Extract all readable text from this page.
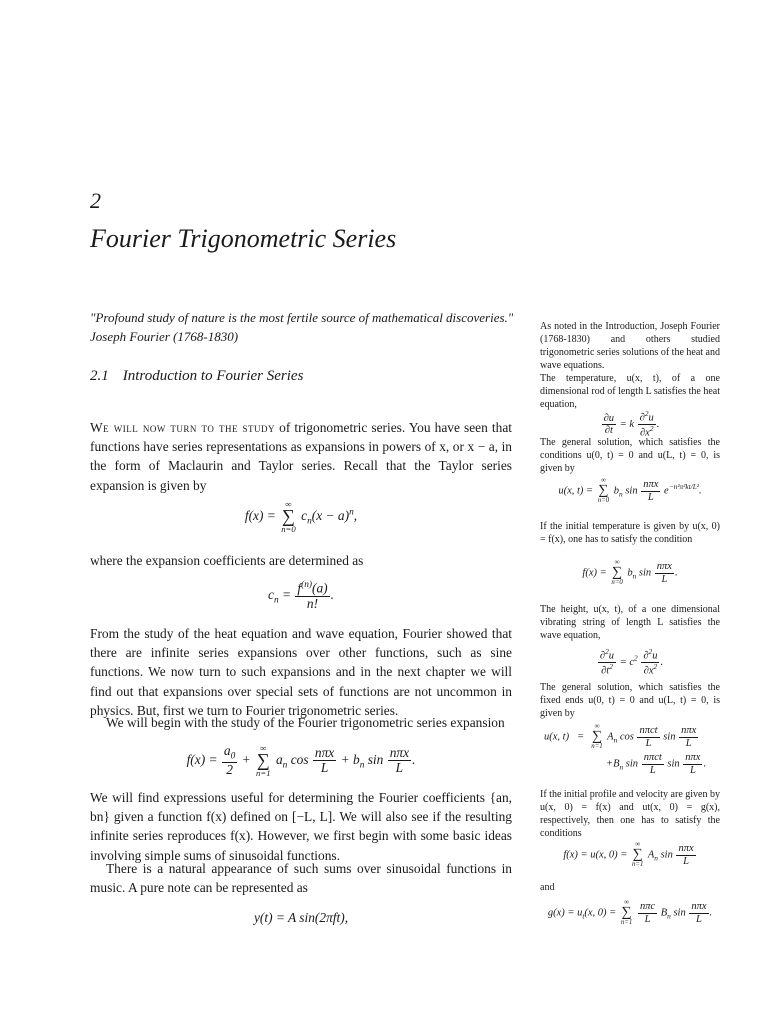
2
Fourier Trigonometric Series
"Profound study of nature is the most fertile source of mathematical discoveries."
Joseph Fourier (1768-1830)
2.1 Introduction to Fourier Series

We will now turn to the study of trigonometric series. You have seen that functions have series representations as expansions in powers of x, or x − a, in the form of Maclaurin and Taylor series. Recall that the Taylor series expansion is given by

f(x) =
∞
∑
n=0
$c_n(x - a)^n$,

where the expansion coefficients are determined as

$c_n = \frac{f^{(n)}(a)}{n!}$ .

From the study of the heat equation and wave equation, Fourier showed that there are infinite series expansions over other functions, such as sine functions. We now turn to such expansions and in the next chapter we will find out that expansions over special sets of functions are not uncommon in physics. But, first we turn to Fourier trigonometric series.

We will begin with the study of the Fourier trigonometric series expansion

$f(x) = \frac{a_0}{2}$ +
∞
∑
n=1
$a_n$ $\cos \frac{\text{nπx}}{L} + b_n$ $\sin \frac{\text{nπx}}{L}$ .

We will find expressions useful for determining the Fourier coefficients {an, bn} given a function f(x) defined on [−L, L]. We will also see if the resulting infinite series reproduces f(x). However, we first begin with some basic ideas involving simple sums of sinusoidal functions.

There is a natural appearance of such sums over sinusoidal functions in music. A pure note can be represented as

y(t) = A sin(2πft),

As noted in the Introduction, Joseph Fourier (1768-1830) and others studied trigonometric series solutions of the heat and wave equations.

The temperature, u(x, t), of a one dimensional rod of length L satisfies the heat equation,

$\frac{\partial u}{\partial t} = k \frac{\partial^2u}{\partial x^2}$ .

The general solution, which satisfies the conditions u(0, t) = 0 and u(L, t) = 0, is given by

u(x, t) =
∞
∑
n=0
$b_n$ $\sin \frac{\text{nπx}}{L} e^{-n^2\pi^2kt/L^2}$.

If the initial temperature is given by u(x, 0) = f(x), one has to satisfy the condition

f(x) =
∞
∑
n=0
$b_n$ $\sin \frac{\text{nπx}}{L}$ .

The height, u(x, t), of a one dimensional vibrating string of length L satisfies the wave equation,

$\frac{\partial^2u}{\partial t^2} = c^2 \frac{\partial^2u}{\partial x^2}$ .

The general solution, which satisfies the fixed ends u(0, t) = 0 and u(L, t) = 0, is given by

u(x, t)   =
∞
∑
n=1
$A_n$ $\cos \frac{\text{nπct}}{L}$ $\sin \frac{\text{nπx}}{L}$
$+B_n$ $\sin \frac{\text{nπct}}{L}$ $\sin \frac{\text{nπx}}{L}$ .

If the initial profile and velocity are given by u(x, 0) = f(x) and ut(x, 0) = g(x), respectively, then one has to satisfy the conditions

f(x) = u(x, 0) =
∞
∑
n=1
$A_n$ $\sin \frac{\text{nπx}}{L}$

and

$g(x) = u_t(x$, 0) =
∞
∑
n=1
$\frac{\text{nπc}}{L} B_n$ $\sin \frac{\text{nπx}}{L}$ .
